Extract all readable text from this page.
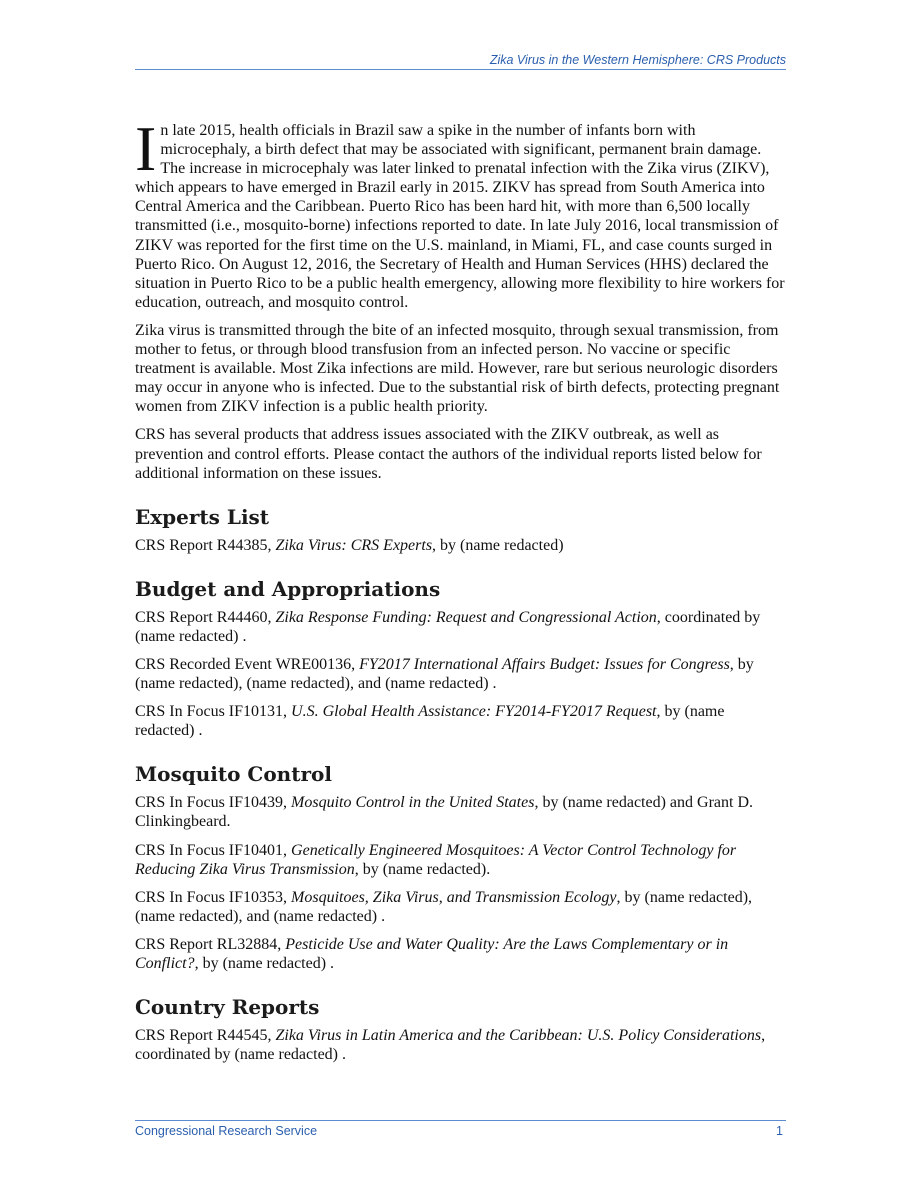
Zika Virus in the Western Hemisphere: CRS Products

In late 2015, health officials in Brazil saw a spike in the number of infants born with microcephaly, a birth defect that may be associated with significant, permanent brain damage. The increase in microcephaly was later linked to prenatal infection with the Zika virus (ZIKV), which appears to have emerged in Brazil early in 2015. ZIKV has spread from South America into Central America and the Caribbean. Puerto Rico has been hard hit, with more than 6,500 locally transmitted (i.e., mosquito-borne) infections reported to date. In late July 2016, local transmission of ZIKV was reported for the first time on the U.S. mainland, in Miami, FL, and case counts surged in Puerto Rico. On August 12, 2016, the Secretary of Health and Human Services (HHS) declared the situation in Puerto Rico to be a public health emergency, allowing more flexibility to hire workers for education, outreach, and mosquito control.

Zika virus is transmitted through the bite of an infected mosquito, through sexual transmission, from mother to fetus, or through blood transfusion from an infected person. No vaccine or specific treatment is available. Most Zika infections are mild. However, rare but serious neurologic disorders may occur in anyone who is infected. Due to the substantial risk of birth defects, protecting pregnant women from ZIKV infection is a public health priority.

CRS has several products that address issues associated with the ZIKV outbreak, as well as prevention and control efforts. Please contact the authors of the individual reports listed below for additional information on these issues.

Experts List

CRS Report R44385, Zika Virus: CRS Experts, by (name redacted)

Budget and Appropriations

CRS Report R44460, Zika Response Funding: Request and Congressional Action, coordinated by (name redacted) .

CRS Recorded Event WRE00136, FY2017 International Affairs Budget: Issues for Congress, by (name redacted), (name redacted), and (name redacted) .

CRS In Focus IF10131, U.S. Global Health Assistance: FY2014-FY2017 Request, by (name redacted) .

Mosquito Control

CRS In Focus IF10439, Mosquito Control in the United States, by (name redacted) and Grant D. Clinkingbeard.

CRS In Focus IF10401, Genetically Engineered Mosquitoes: A Vector Control Technology for Reducing Zika Virus Transmission, by (name redacted).

CRS In Focus IF10353, Mosquitoes, Zika Virus, and Transmission Ecology, by (name redacted), (name redacted), and (name redacted) .

CRS Report RL32884, Pesticide Use and Water Quality: Are the Laws Complementary or in Conflict?, by (name redacted) .

Country Reports

CRS Report R44545, Zika Virus in Latin America and the Caribbean: U.S. Policy Considerations, coordinated by (name redacted) .

Congressional Research Service	1
